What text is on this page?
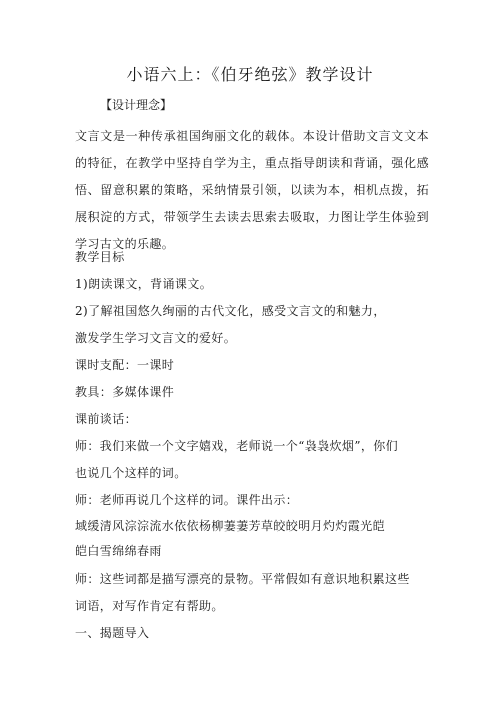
小语六上：《伯牙绝弦》教学设计
【设计理念】

文言文是一种传承祖国绚丽文化的载体。本设计借助文言文文本的特征，在教学中坚持自学为主，重点指导朗读和背诵，强化感悟、留意积累的策略，采纳情景引领，以读为本，相机点拨，拓展积淀的方式，带领学生去读去思索去吸取，力图让学生体验到学习古文的乐趣。

教学目标
1)朗读课文，背诵课文。
2)了解祖国悠久绚丽的古代文化，感受文言文的和魅力，
激发学生学习文言文的爱好。
课时支配：一课时
教具：多媒体课件
课前谈话：
师：我们来做一个文字嬉戏，老师说一个“袅袅炊烟”，你们
也说几个这样的词。
师：老师再说几个这样的词。课件出示：
域缓清风淙淙流水依依杨柳萋萋芳草皎皎明月灼灼霞光皑
皑白雪绵绵春雨
师：这些词都是描写漂亮的景物。平常假如有意识地积累这些
词语，对写作肯定有帮助。
一、揭题导入
